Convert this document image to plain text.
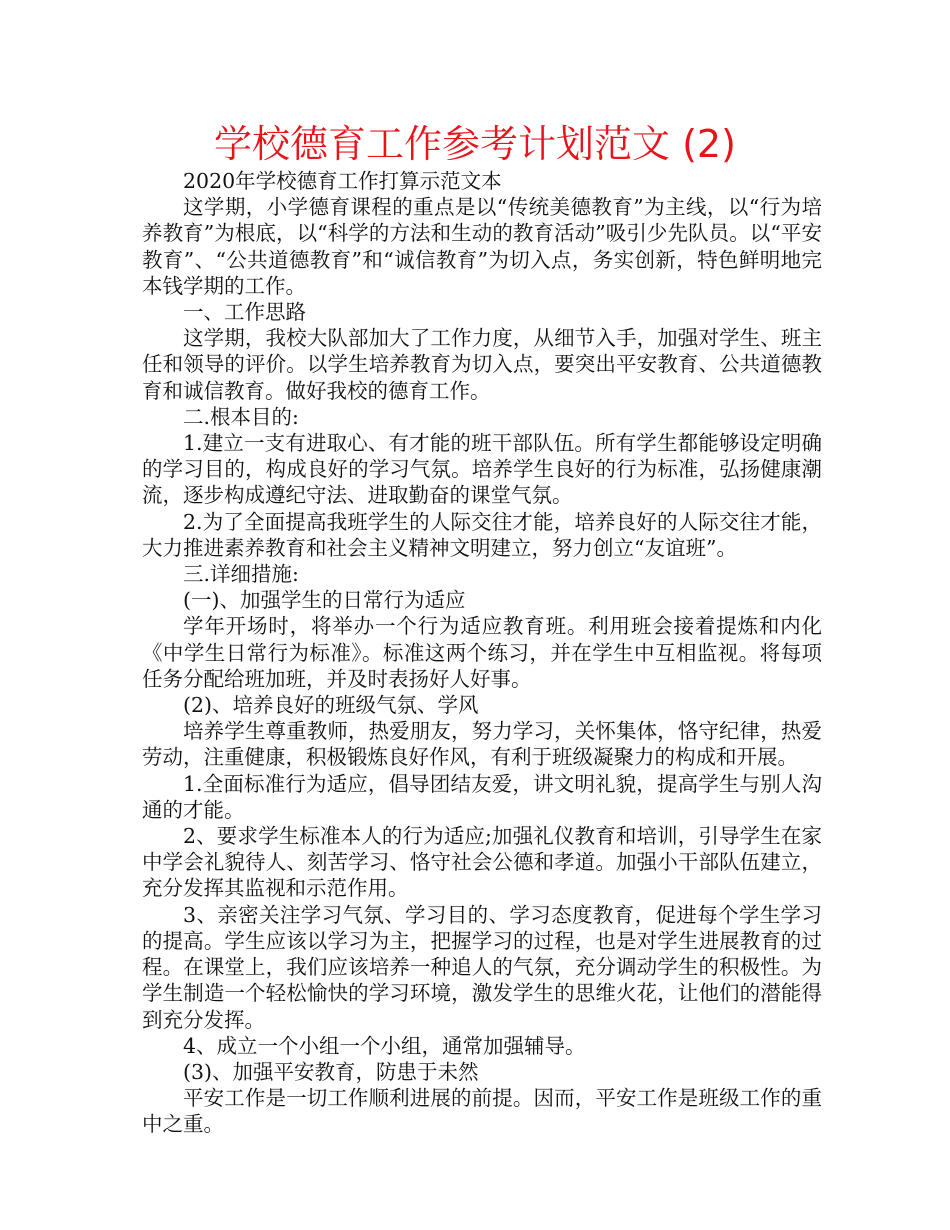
学校德育工作参考计划范文 (2)

2020年学校德育工作打算示范文本

这学期，小学德育课程的重点是以“传统美德教育”为主线，以“行为培养教育”为根底，以“科学的方法和生动的教育活动”吸引少先队员。以“平安教育”、“公共道德教育”和“诚信教育”为切入点，务实创新，特色鲜明地完本钱学期的工作。

一、工作思路

这学期，我校大队部加大了工作力度，从细节入手，加强对学生、班主任和领导的评价。以学生培养教育为切入点，要突出平安教育、公共道德教育和诚信教育。做好我校的德育工作。

二.根本目的:

1.建立一支有进取心、有才能的班干部队伍。所有学生都能够设定明确的学习目的，构成良好的学习气氛。培养学生良好的行为标准，弘扬健康潮流，逐步构成遵纪守法、进取勤奋的课堂气氛。

2.为了全面提高我班学生的人际交往才能，培养良好的人际交往才能，大力推进素养教育和社会主义精神文明建立，努力创立“友谊班”。

三.详细措施:

(一)、加强学生的日常行为适应

学年开场时，将举办一个行为适应教育班。利用班会接着提炼和内化《中学生日常行为标准》。标准这两个练习，并在学生中互相监视。将每项任务分配给班加班，并及时表扬好人好事。

(2)、培养良好的班级气氛、学风

培养学生尊重教师，热爱朋友，努力学习，关怀集体，恪守纪律，热爱劳动，注重健康，积极锻炼良好作风，有利于班级凝聚力的构成和开展。

1.全面标准行为适应，倡导团结友爱，讲文明礼貌，提高学生与别人沟通的才能。

2、要求学生标准本人的行为适应;加强礼仪教育和培训，引导学生在家中学会礼貌待人、刻苦学习、恪守社会公德和孝道。加强小干部队伍建立，充分发挥其监视和示范作用。

3、亲密关注学习气氛、学习目的、学习态度教育，促进每个学生学习的提高。学生应该以学习为主，把握学习的过程，也是对学生进展教育的过程。在课堂上，我们应该培养一种追人的气氛，充分调动学生的积极性。为学生制造一个轻松愉快的学习环境，激发学生的思维火花，让他们的潜能得到充分发挥。

4、成立一个小组一个小组，通常加强辅导。

(3)、加强平安教育，防患于未然

平安工作是一切工作顺利进展的前提。因而，平安工作是班级工作的重中之重。
